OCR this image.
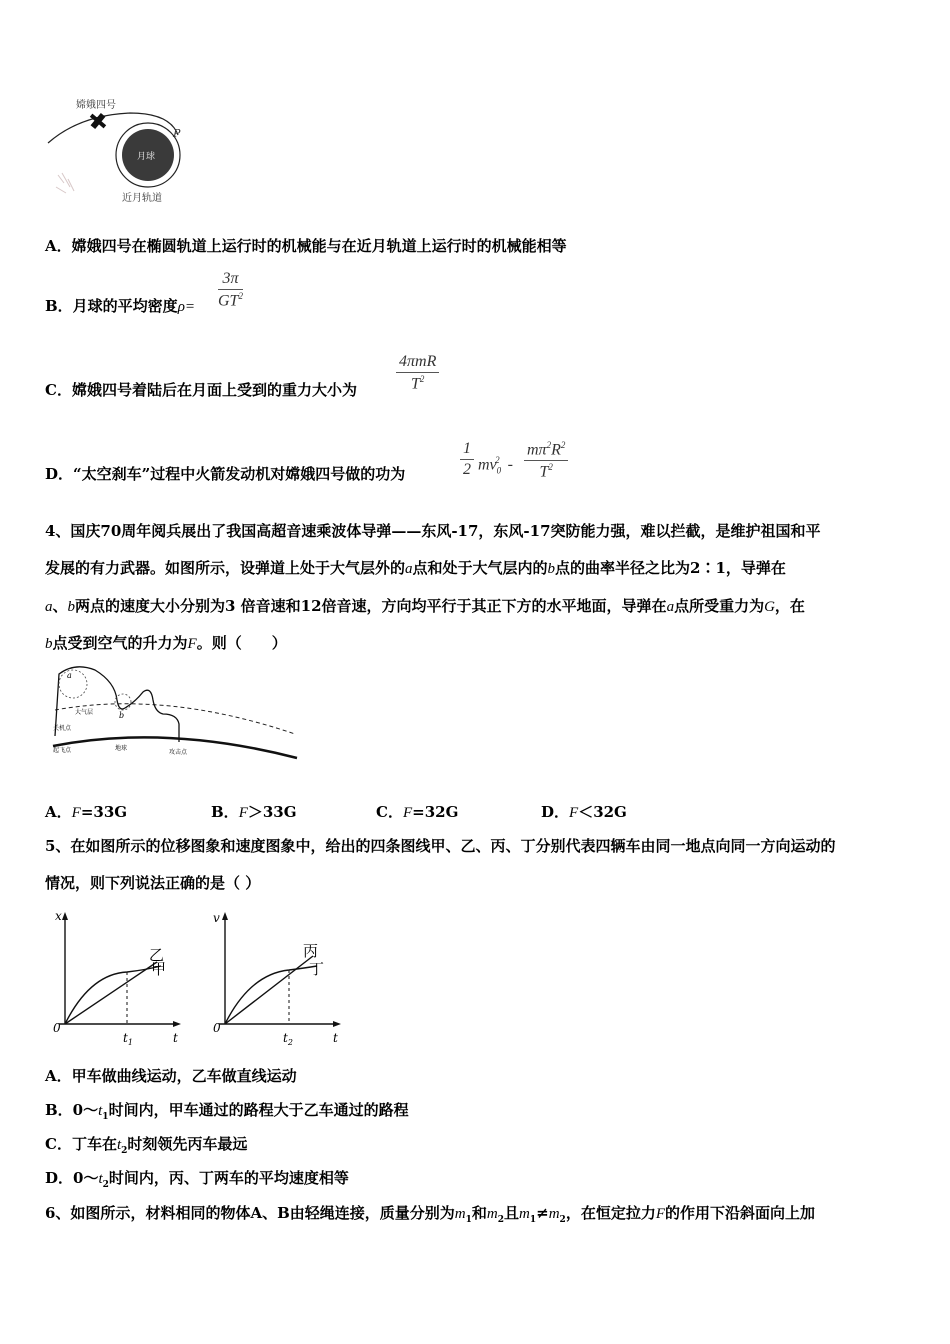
月球
嫦娥四号
P
近月轨道
A．嫦娥四号在椭圆轨道上运行时的机械能与在近月轨道上运行时的机械能相等
B．月球的平均密度ρ=
3π
$GT^2$
C．嫦娥四号着陆后在月面上受到的重力大小为
4πmR
$T^2$
D．“太空刹车”过程中火箭发动机对嫦娥四号做的功为
1
2 $mv_0^2$ -
$m\pi^2R^2$
$T^2$
4、国庆70周年阅兵展出了我国高超音速乘波体导弹——东风-17，东风-17突防能力强，难以拦截，是维护祖国和平
发展的有力武器。如图所示，设弹道上处于大气层外的a点和处于大气层内的b点的曲率半径之比为2∶1，导弹在
a、b两点的速度大小分别为3 倍音速和12倍音速，方向均平行于其正下方的水平地面，导弹在a点所受重力为G，在
b点受到空气的升力为F。则（　　）
a
b
大气层
关机点
起飞点	地球
攻击点
A．F=33G	B．F＞33G	C．F=32G	D．F＜32G
5、在如图所示的位移图象和速度图象中，给出的四条图线甲、乙、丙、丁分别代表四辆车由同一地点向同一方向运动的
情况，则下列说法正确的是（ ）
x
t
0
$t_1$
乙
甲
v
t
0
$t_2$
丙
丁
A．甲车做曲线运动，乙车做直线运动
B．$0\sim t_1$时间内，甲车通过的路程大于乙车通过的路程
C．丁车在$t_2$时刻领先丙车最远
D．$0\sim t_2$时间内，丙、丁两车的平均速度相等
6、如图所示，材料相同的物体A、B由轻绳连接，质量分别为$m_1$和$m_2$且$m_1\ne m_2$，在恒定拉力F的作用下沿斜面向上加
